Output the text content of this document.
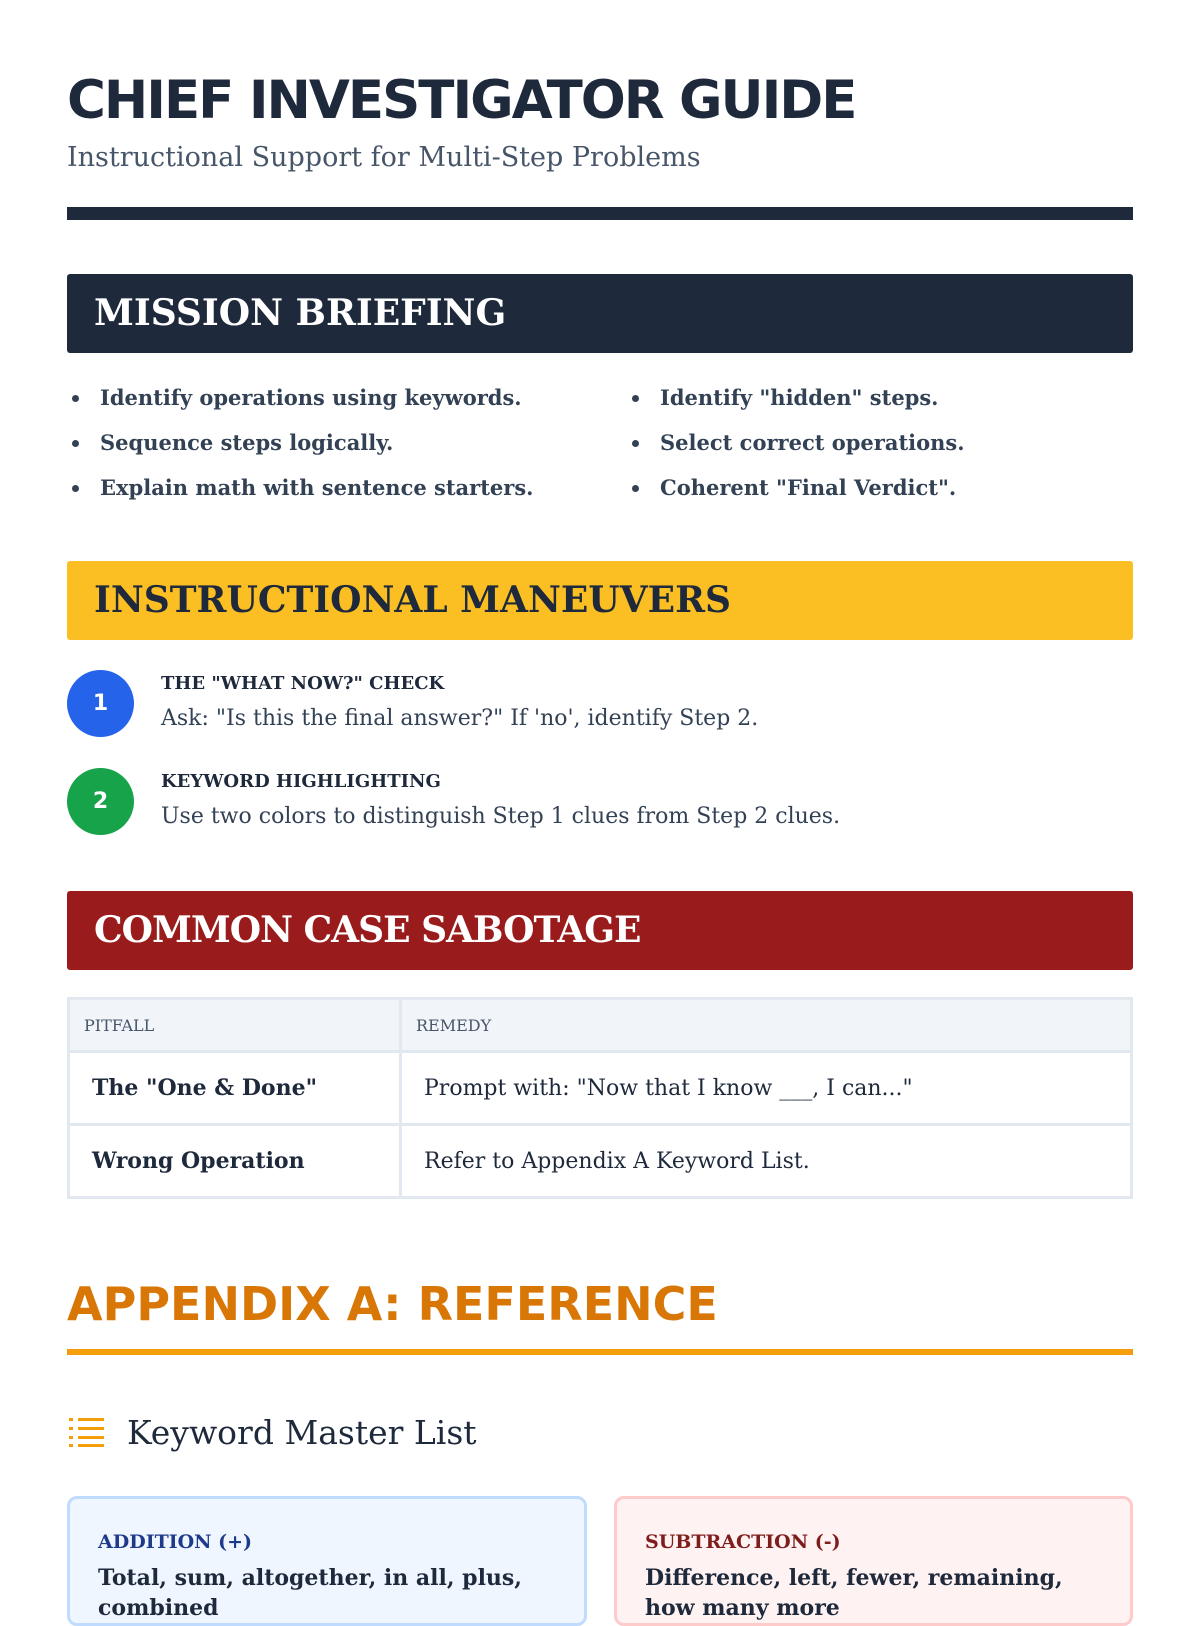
CHIEF INVESTIGATOR GUIDE
Instructional Support for Multi-Step Problems
MISSION BRIEFING
Identify operations using keywords.
Sequence steps logically.
Explain math with sentence starters.
Identify "hidden" steps.
Select correct operations.
Coherent "Final Verdict".
INSTRUCTIONAL MANEUVERS
1
THE "WHAT NOW?" CHECK
Ask: "Is this the final answer?" If 'no', identify Step 2.
2
KEYWORD HIGHLIGHTING
Use two colors to distinguish Step 1 clues from Step 2 clues.
COMMON CASE SABOTAGE
PITFALL	REMEDY
The "One & Done"	Prompt with: "Now that I know ___, I can..."
Wrong Operation	Refer to Appendix A Keyword List.
APPENDIX A: REFERENCE
Keyword Master List
ADDITION (+)
Total, sum, altogether, in all, plus, combined
SUBTRACTION (-)
Difference, left, fewer, remaining, how many more
